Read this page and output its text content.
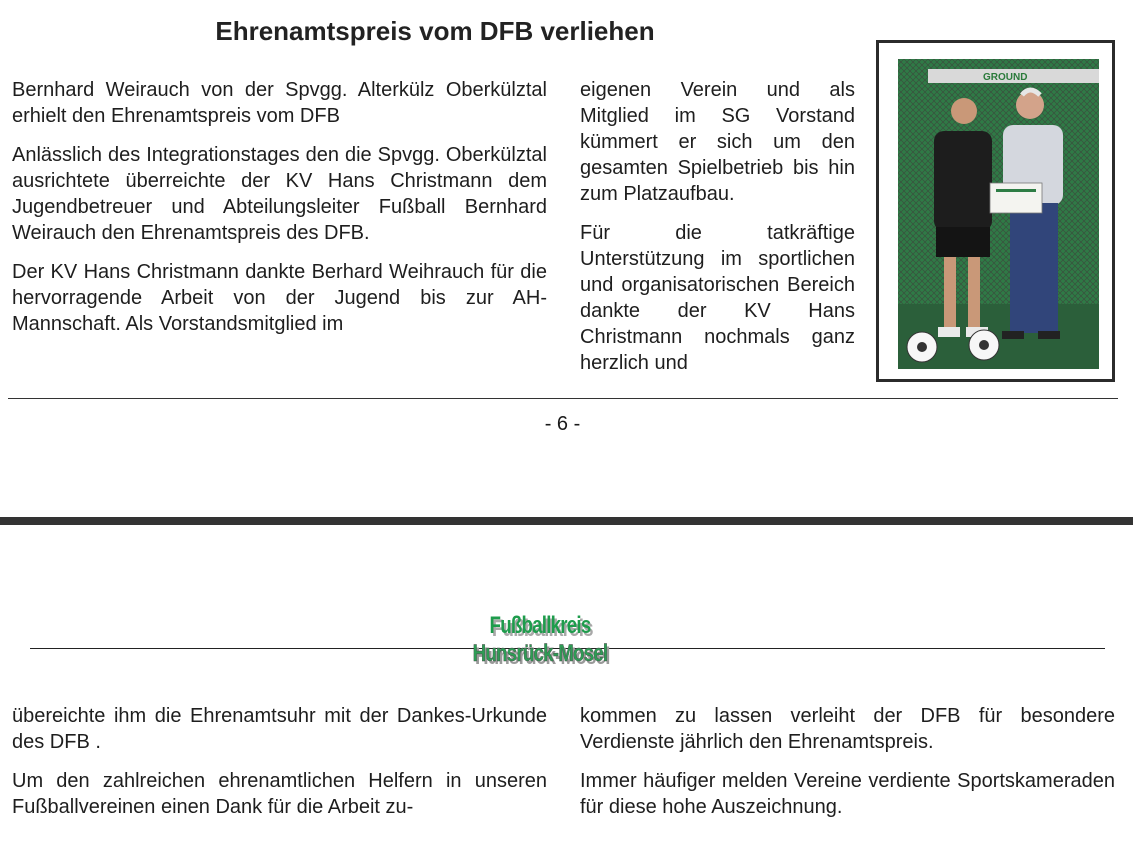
Ehrenamtspreis vom DFB verliehen

Bernhard Weirauch von der Spvgg. Alterkülz Oberkülztal erhielt den Ehrenamtspreis vom DFB

Anlässlich des Integrationstages den die Spvgg. Oberkülztal ausrichtete überreichte der KV Hans Christmann dem Jugendbetreuer und Abteilungsleiter Fußball Bernhard Weirauch den Ehrenamtspreis des DFB.

Der KV Hans Christmann dankte Berhard Weihrauch für die hervorragende Arbeit von der Jugend bis zur AH-Mannschaft. Als Vorstandsmitglied im

eigenen Verein und als Mitglied im SG Vorstand kümmert er sich um den gesamten Spielbetrieb bis hin zum Platzaufbau.

Für die tatkräftige Unterstützung im sportlichen und organisatorischen Bereich dankte der KV Hans Christmann nochmals ganz herzlich und

GROUND
- 6 -
Fußballkreis
Hunsrück-Mosel

übereichte ihm die Ehrenamtsuhr mit der Dankes-Urkunde des DFB .

Um den zahlreichen ehrenamtlichen Helfern in unseren Fußballvereinen einen Dank für die Arbeit zu-

kommen zu lassen verleiht der DFB für besondere Verdienste jährlich den Ehrenamtspreis.

Immer häufiger melden Vereine verdiente Sportskameraden für diese hohe Auszeichnung.
